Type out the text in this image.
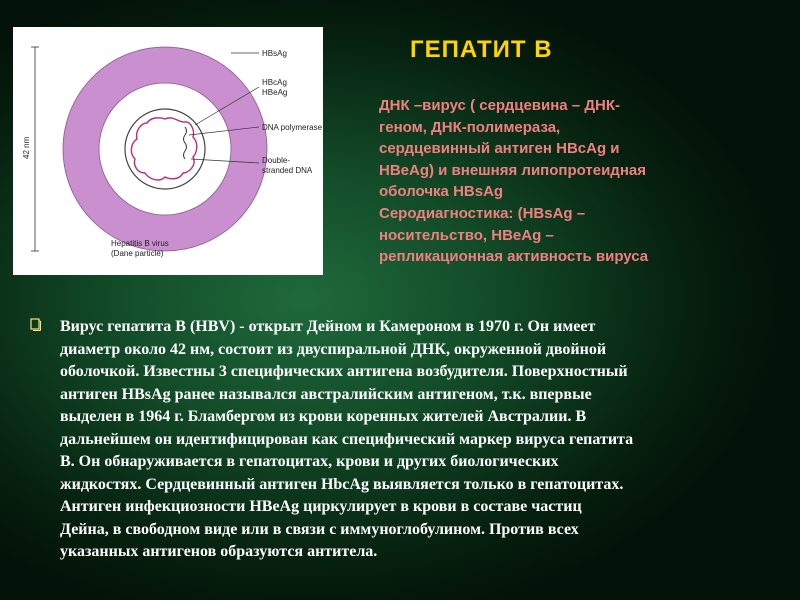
42 nm
HBsAg
HBcAg
HBeAg
DNA polymerase
Double-
stranded DNA
Hepatitis B virus
(Dane particle)
ГЕПАТИТ В
ДНК –вирус ( сердцевина – ДНК-
геном, ДНК-полимераза,
сердцевинный антиген HBcAg и
HBeAg) и внешняя липопротеидная
оболочка HBsAg
Серодиагностика: (HBsAg –
носительство, HBeAg –
репликационная активность вируса
Вирус гепатита В (HBV) - открыт Дейном и Камероном в 1970 г. Он имеет
диаметр около 42 нм, состоит из двуспиральной ДНК, окруженной двойной
оболочкой. Известны 3 специфических антигена возбудителя. Поверхностный
антиген HBsAg ранее назывался австралийским антигеном, т.к. впервые
выделен в 1964 г. Бламбергом из крови коренных жителей Австралии. В
дальнейшем он идентифицирован как специфический маркер вируса гепатита
В. Он обнаруживается в гепатоцитах, крови и других биологических
жидкостях. Сердцевинный антиген HbcAg выявляется только в гепатоцитах.
Антиген инфекциозности HBeAg циркулирует в крови в составе частиц
Дейна, в свободном виде или в связи с иммуноглобулином. Против всех
указанных антигенов образуются антитела.
